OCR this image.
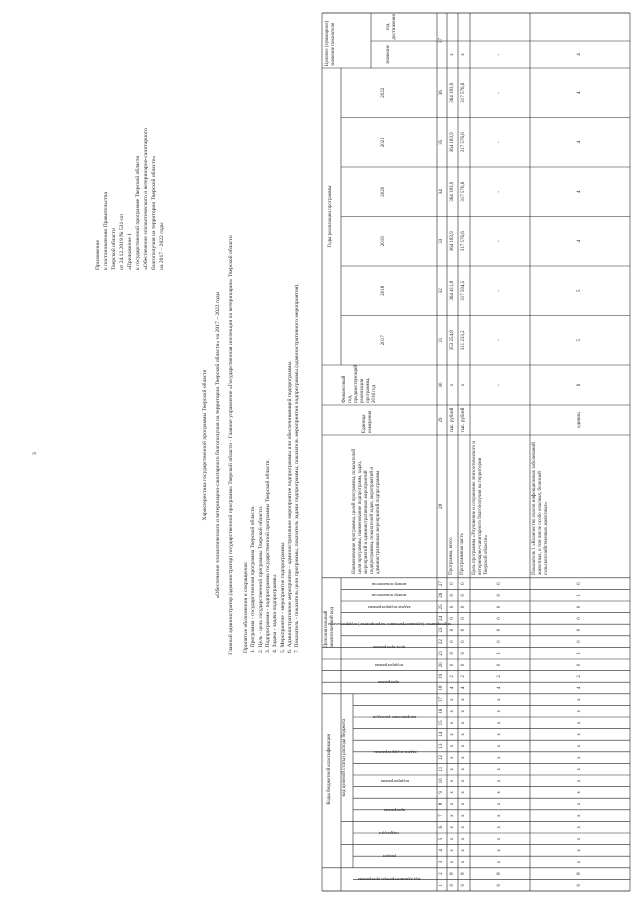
3
Приложение к постановлению Правительства Тверской области от 24.12.2019 № 531-пп «Приложение 1 к государственной программе Тверской области «Обеспечение эпизоотического и ветеринарно-санитарного благополучия на территории Тверской области» на 2017 – 2022 годы
Характеристика государственной программы Тверской области «Обеспечение эпизоотического и ветеринарно-санитарного благополучия на территории Тверской области» на 2017 – 2022 годы Главный администратор (администратор) государственной программы Тверской области - Главное управление «Государственная инспекция по ветеринарии» Тверской области Принятые обозначения и сокращения: 1. Программа - государственная программа Тверской области. 2. Цель - цель государственной программы Тверской области. 3. Подпрограмма - подпрограмма государственной программы Тверской области. 4. Задача - задача подпрограммы. 5. Мероприятие - мероприятие подпрограммы. 6. Административное мероприятие - административное мероприятие подпрограммы или обеспечивающей подпрограммы. 7. Показатель - показатель цели программы, показатель задачи подпрограммы, показатель мероприятия подпрограммы (административного мероприятия).
Коды бюджетной классификации
Дополнительный аналитический код
Наименование программы, целей программы, показателей цели программы, наименование подпрограмм, задач, мероприятий и административных мероприятий подпрограммы, показателей задач, мероприятий и административных мероприятий подпрограммы
Единица измерения
Финансовый год, предшествующий реализации программы, 2016 год
Годы реализации программы
Целевое (суммарное) значение показателя	значение
год достижения
2017
2018
2019
2020
2021
2022
код администратора программы
раздел
подраздел
код целевой статьи расхода бюджета
программа
подпрограмма
задача подпрограммы
направление расходов
программа
подпрограмма
цель программы
мероприятие (административное мероприятие) подпрограммы
задача подпрограммы
номер показателя
номер показателя
1
2
3
4
5
6
7
8
9
10
11
12
13
14
15
16
17
18
19
20
21
22
23
24
25
26
27
28
29
30
31
32
33
34
35
36
37
0
8
x
x
x
x
x
x
x
x
x
x
x
x
x
x
x
4
2
0
0
0
0
0
0
0
0
Программа, всего
тыс. рублей
x
353 254,8
364 411,8
364 183,9
364 183,9
364 183,9
364 183,9
х
0
8
x
x
x
x
x
x
x
x
x
x
x
x
x
x
x
4
2
0
0
0
0
0
0
0
0
Программная часть
тыс. рублей
x
311 233,2
317 504,5
317 576,6
317 576,6
317 576,6
317 576,6
х
0
8
x
x
x
x
x
x
x
x
x
x
x
x
x
x
x
4
2
0
1
0
0
0
0
0
0
Цель программы «Улучшение и сохранение эпизоотического и ветеринарно-санитарного благополучия на территории Тверской области»
-
-
-
-
-
-
-
-
0
8
x
x
x
x
x
x
x
x
x
x
x
x
x
x
x
4
2
0
1
0
0
0
0
1
0
Показатель 1 «Количество очагов инфекционных заболеваний животных, в том числе особо опасных, болезней сельскохозяйственных животных»
единиц
6
5
5
4
4
4
4
4
